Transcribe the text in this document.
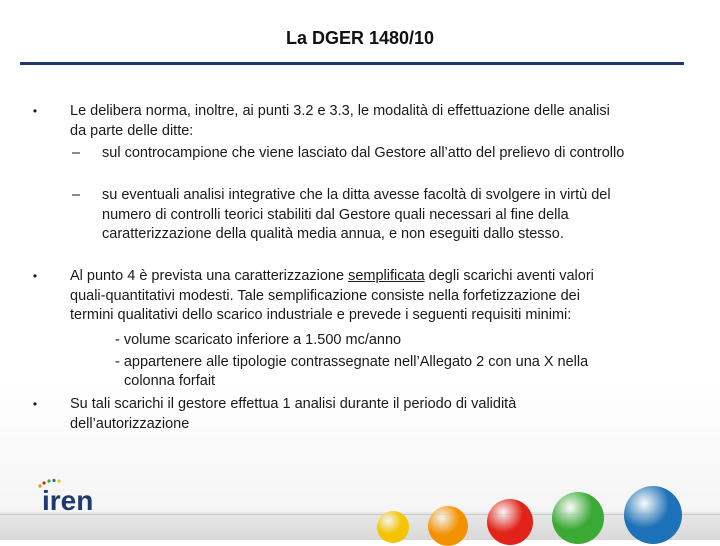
La DGER 1480/10
• Le delibera norma, inoltre, ai punti 3.2 e 3.3, le modalità di effettuazione delle analisi
da parte delle ditte:
–	sul controcampione che viene lasciato dal Gestore all’atto del prelievo di controllo
–	su eventuali analisi integrative che la ditta avesse facoltà di svolgere in virtù del
numero di controlli teorici stabiliti dal Gestore quali necessari al fine della
caratterizzazione della qualità media annua, e non eseguiti dallo stesso.
• Al punto 4 è prevista una caratterizzazione semplificata degli scarichi aventi valori
quali-quantitativi modesti. Tale semplificazione consiste nella forfetizzazione dei
termini qualitativi dello scarico industriale e prevede i seguenti requisiti minimi:
- volume scaricato inferiore a 1.500 mc/anno
- appartenere alle tipologie contrassegnate nell’Allegato 2 con una X nella
colonna forfait
• Su tali scarichi il gestore effettua 1 analisi durante il periodo di validità
dell’autorizzazione
iren
